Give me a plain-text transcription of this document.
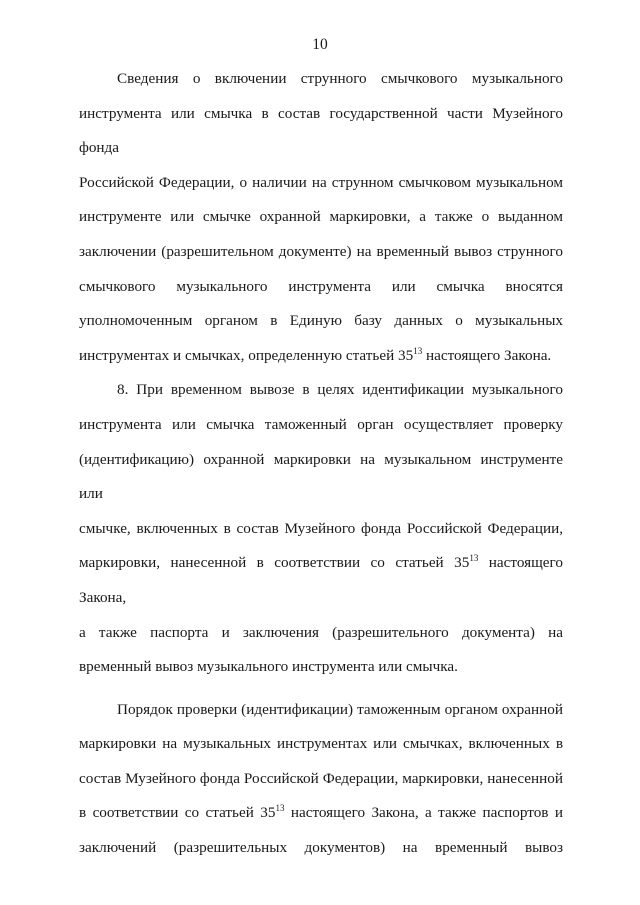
10
Сведения о включении струнного смычкового музыкального
инструмента или смычка в состав государственной части Музейного фонда
Российской Федерации, о наличии на струнном смычковом музыкальном
инструменте или смычке охранной маркировки, а также о выданном
заключении (разрешительном документе) на временный вывоз струнного
смычкового музыкального инструмента или смычка вносятся
уполномоченным органом в Единую базу данных о музыкальных
инструментах и смычках, определенную статьей $35^{13}$ настоящего Закона.
8. При временном вывозе в целях идентификации музыкального
инструмента или смычка таможенный орган осуществляет проверку
(идентификацию) охранной маркировки на музыкальном инструменте или
смычке, включенных в состав Музейного фонда Российской Федерации,
маркировки, нанесенной в соответствии со статьей $35^{13}$ настоящего Закона,
а также паспорта и заключения (разрешительного документа) на
временный вывоз музыкального инструмента или смычка.
Порядок проверки (идентификации) таможенным органом охранной
маркировки на музыкальных инструментах или смычках, включенных в
состав Музейного фонда Российской Федерации, маркировки, нанесенной
в соответствии со статьей $35^{13}$ настоящего Закона, а также паспортов и
заключений (разрешительных документов) на временный вывоз
